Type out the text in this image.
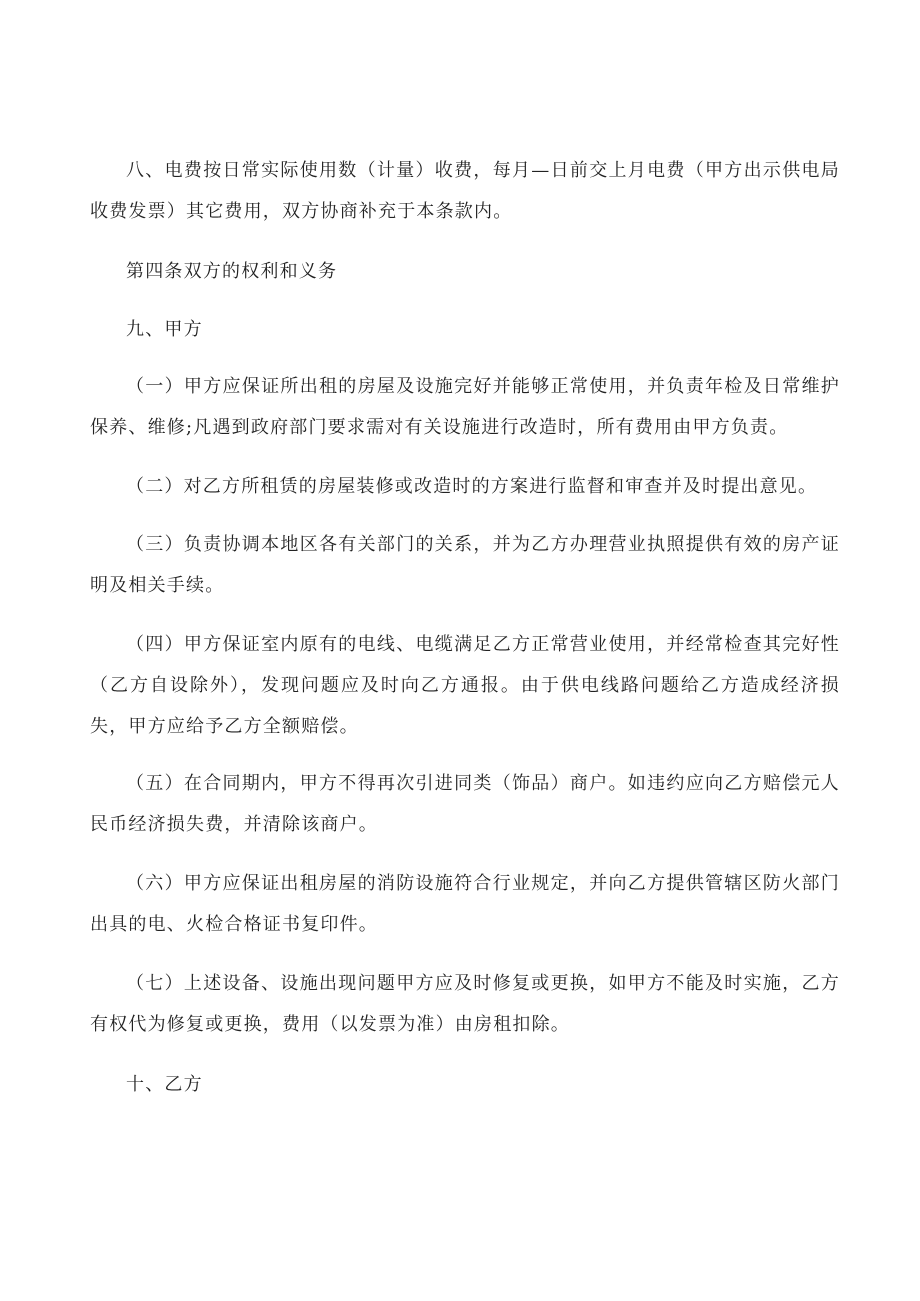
八、电费按日常实际使用数（计量）收费，每月—日前交上月电费（甲方出示供电局收费发票）其它费用，双方协商补充于本条款内。

第四条双方的权利和义务

九、甲方

（一）甲方应保证所出租的房屋及设施完好并能够正常使用，并负责年检及日常维护保养、维修;凡遇到政府部门要求需对有关设施进行改造时，所有费用由甲方负责。

（二）对乙方所租赁的房屋装修或改造时的方案进行监督和审查并及时提出意见。

（三）负责协调本地区各有关部门的关系，并为乙方办理营业执照提供有效的房产证明及相关手续。

（四）甲方保证室内原有的电线、电缆满足乙方正常营业使用，并经常检查其完好性（乙方自设除外），发现问题应及时向乙方通报。由于供电线路问题给乙方造成经济损失，甲方应给予乙方全额赔偿。

（五）在合同期内，甲方不得再次引进同类（饰品）商户。如违约应向乙方赔偿元人民币经济损失费，并清除该商户。

（六）甲方应保证出租房屋的消防设施符合行业规定，并向乙方提供管辖区防火部门出具的电、火检合格证书复印件。

（七）上述设备、设施出现问题甲方应及时修复或更换，如甲方不能及时实施，乙方有权代为修复或更换，费用（以发票为准）由房租扣除。

十、乙方
